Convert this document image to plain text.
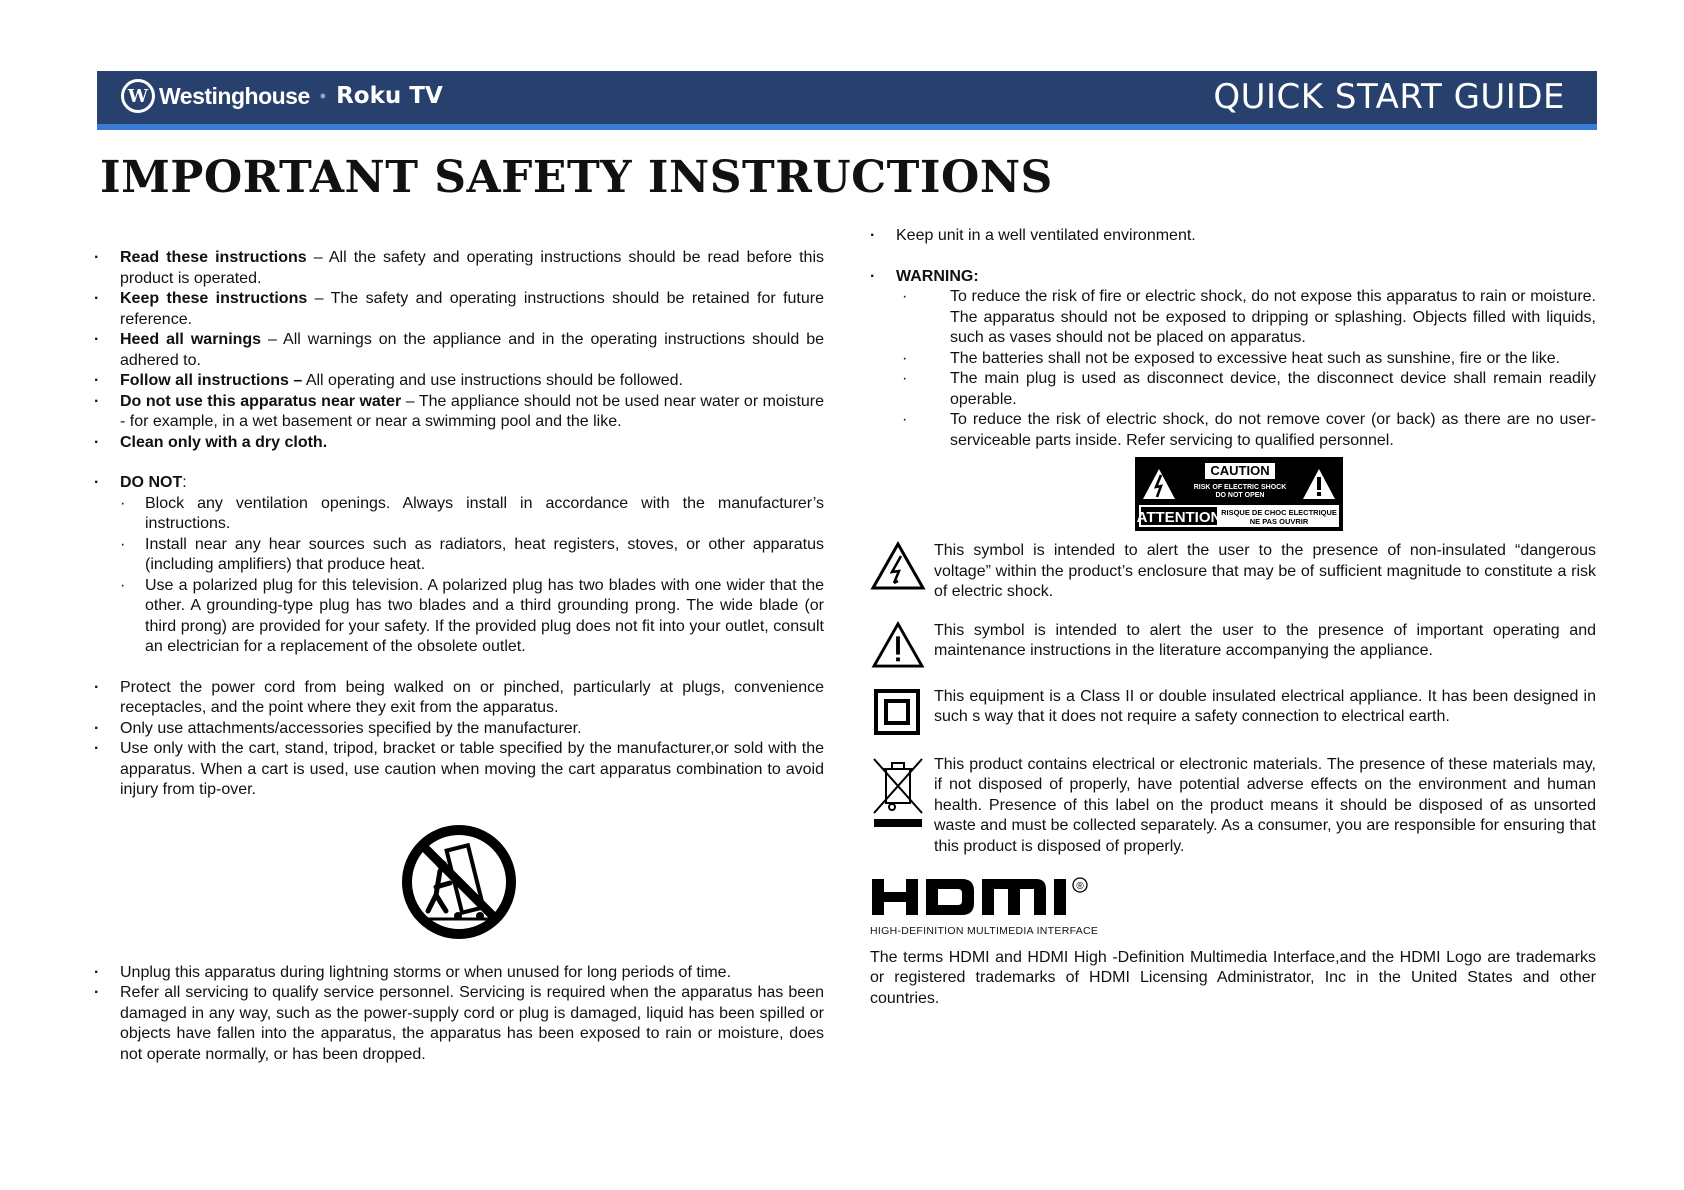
W Westinghouse • Roku TV	QUICK START GUIDE
IMPORTANT SAFETY INSTRUCTIONS
· Read these instructions – All the safety and operating instructions should be read before this product is operated.
· Keep these instructions – The safety and operating instructions should be retained for future reference.
· Heed all warnings – All warnings on the appliance and in the operating instructions should be adhered to.
· Follow all instructions – All operating and use instructions should be followed.
· Do not use this apparatus near water – The appliance should not be used near water or moisture - for example, in a wet basement or near a swimming pool and the like.
· Clean only with a dry cloth.
· DO NOT:
· Block any ventilation openings. Always install in accordance with the manufacturer’s instructions.
· Install near any hear sources such as radiators, heat registers, stoves, or other apparatus (including amplifiers) that produce heat.
· Use a polarized plug for this television. A polarized plug has two blades with one wider that the other. A grounding-type plug has two blades and a third grounding prong. The wide blade (or third prong) are provided for your safety. If the provided plug does not fit into your outlet, consult an electrician for a replacement of the obsolete outlet.
· Protect the power cord from being walked on or pinched, particularly at plugs, convenience receptacles, and the point where they exit from the apparatus.
· Only use attachments/accessories specified by the manufacturer.
· Use only with the cart, stand, tripod, bracket or table specified by the manufacturer,or sold with the apparatus. When a cart is used, use caution when moving the cart apparatus combination to avoid injury from tip-over.
· Unplug this apparatus during lightning storms or when unused for long periods of time.
· Refer all servicing to qualify service personnel. Servicing is required when the apparatus has been damaged in any way, such as the power-supply cord or plug is damaged, liquid has been spilled or objects have fallen into the apparatus, the apparatus has been exposed to rain or moisture, does not operate normally, or has been dropped.
· Keep unit in a well ventilated environment.
· WARNING:
· To reduce the risk of fire or electric shock, do not expose this apparatus to rain or moisture. The apparatus should not be exposed to dripping or splashing. Objects filled with liquids, such as vases should not be placed on apparatus.
· The batteries shall not be exposed to excessive heat such as sunshine, fire or the like.
· The main plug is used as disconnect device, the disconnect device shall remain readily operable.
· To reduce the risk of electric shock, do not remove cover (or back) as there are no user-serviceable parts inside. Refer servicing to qualified personnel.
CAUTION
RISK OF ELECTRIC SHOCK
DO NOT OPEN
ATTENTION RISQUE DE CHOC ELECTRIQUE
NE PAS OUVRIR
This symbol is intended to alert the user to the presence of non-insulated “dangerous voltage” within the product’s enclosure that may be of sufficient magnitude to constitute a risk of electric shock.
This symbol is intended to alert the user to the presence of important operating and maintenance instructions in the literature accompanying the appliance.
This equipment is a Class II or double insulated electrical appliance. It has been designed in such s way that it does not require a safety connection to electrical earth.
This product contains electrical or electronic materials. The presence of these materials may, if not disposed of properly, have potential adverse effects on the environment and human health. Presence of this label on the product means it should be disposed of as unsorted waste and must be collected separately. As a consumer, you are responsible for ensuring that this product is disposed of properly.
®
HIGH-DEFINITION MULTIMEDIA INTERFACE
The terms HDMI and HDMI High -Definition Multimedia Interface,and the HDMI Logo are trademarks or registered trademarks of HDMI Licensing Administrator, Inc in the United States and other countries.
